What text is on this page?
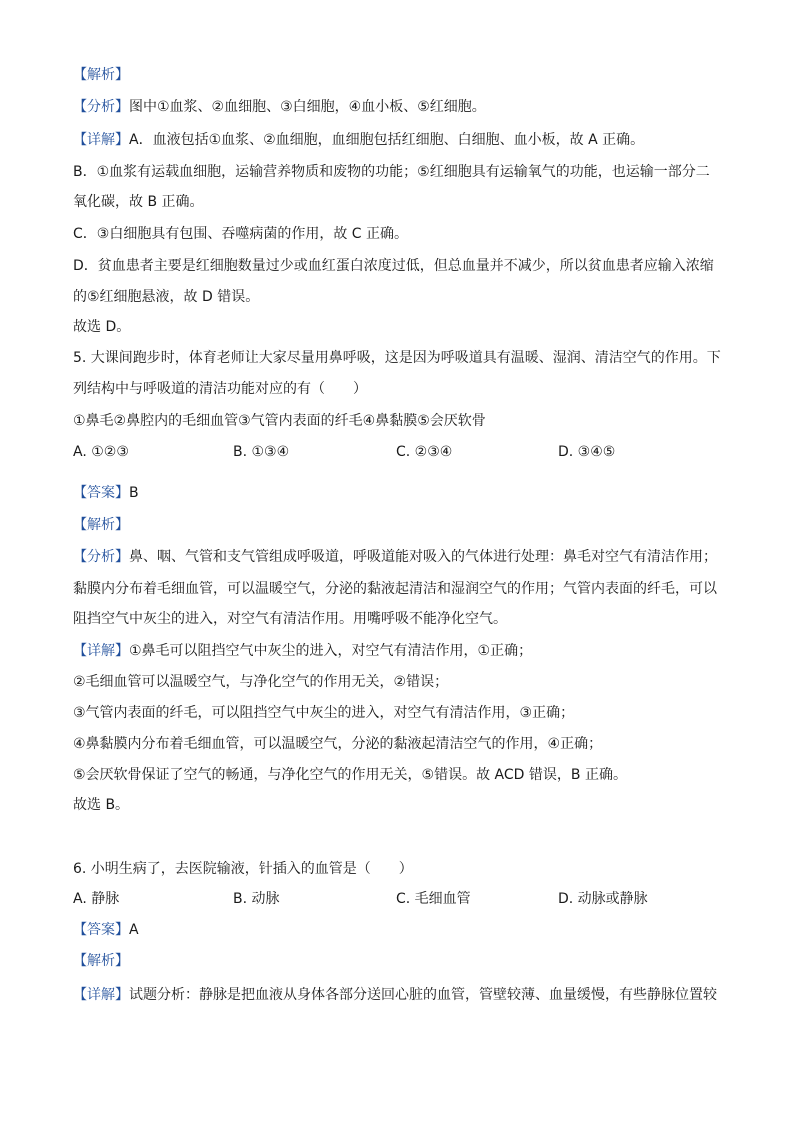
【解析】
【分析】图中①血浆、②血细胞、③白细胞，④血小板、⑤红细胞。
【详解】A．血液包括①血浆、②血细胞，血细胞包括红细胞、白细胞、血小板，故 A 正确。
B．①血浆有运载血细胞，运输营养物质和废物的功能；⑤红细胞具有运输氧气的功能，也运输一部分二
氧化碳，故 B 正确。
C．③白细胞具有包围、吞噬病菌的作用，故 C 正确。
D．贫血患者主要是红细胞数量过少或血红蛋白浓度过低，但总血量并不减少，所以贫血患者应输入浓缩
的⑤红细胞悬液，故 D 错误。
故选 D。
5. 大课间跑步时，体育老师让大家尽量用鼻呼吸，这是因为呼吸道具有温暖、湿润、清洁空气的作用。下
列结构中与呼吸道的清洁功能对应的有（　　）
①鼻毛②鼻腔内的毛细血管③气管内表面的纤毛④鼻黏膜⑤会厌软骨
A. ①②③	B. ①③④	C. ②③④	D. ③④⑤
【答案】B
【解析】
【分析】鼻、咽、气管和支气管组成呼吸道，呼吸道能对吸入的气体进行处理：鼻毛对空气有清洁作用；
黏膜内分布着毛细血管，可以温暖空气，分泌的黏液起清洁和湿润空气的作用；气管内表面的纤毛，可以
阻挡空气中灰尘的进入，对空气有清洁作用。用嘴呼吸不能净化空气。
【详解】①鼻毛可以阻挡空气中灰尘的进入，对空气有清洁作用，①正确；
②毛细血管可以温暖空气，与净化空气的作用无关，②错误；
③气管内表面的纤毛，可以阻挡空气中灰尘的进入，对空气有清洁作用，③正确；
④鼻黏膜内分布着毛细血管，可以温暖空气，分泌的黏液起清洁空气的作用，④正确；
⑤会厌软骨保证了空气的畅通，与净化空气的作用无关，⑤错误。故 ACD 错误，B 正确。
故选 B。
6. 小明生病了，去医院输液，针插入的血管是（　　）
A. 静脉	B. 动脉	C. 毛细血管	D. 动脉或静脉
【答案】A
【解析】
【详解】试题分析：静脉是把血液从身体各部分送回心脏的血管，管壁较薄、血量缓慢，有些静脉位置较
